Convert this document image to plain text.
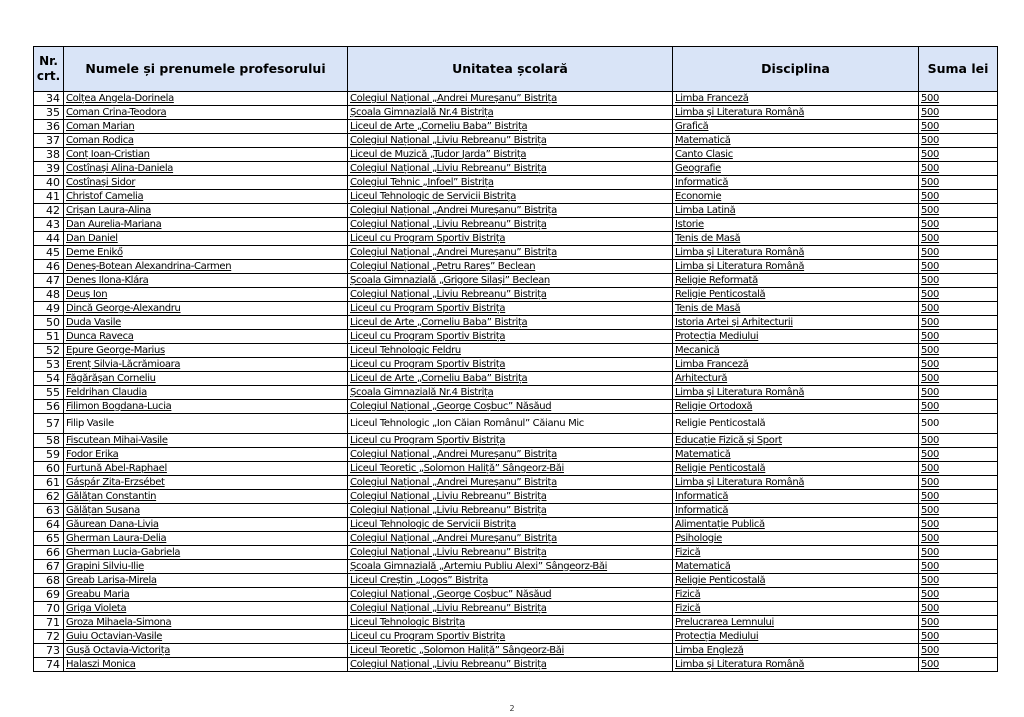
Nr. crt.	Numele și prenumele profesorului	Unitatea școlară	Disciplina	Suma lei
34	Colțea Angela-Dorinela	Colegiul Național „Andrei Mureșanu” Bistrița	Limba Franceză	500
35	Coman Crina-Teodora	Școala Gimnazială Nr.4 Bistrița	Limba și Literatura Română	500
36	Coman Marian	Liceul de Arte „Corneliu Baba” Bistrița	Grafică	500
37	Coman Rodica	Colegiul Național „Liviu Rebreanu” Bistrița	Matematică	500
38	Conț Ioan-Cristian	Liceul de Muzică „Tudor Jarda” Bistrița	Canto Clasic	500
39	Costînași Alina-Daniela	Colegiul Național „Liviu Rebreanu” Bistrița	Geografie	500
40	Costînași Sidor	Colegiul Tehnic „Infoel” Bistrița	Informatică	500
41	Christof Camelia	Liceul Tehnologic de Servicii Bistrița	Economie	500
42	Crișan Laura-Alina	Colegiul Național „Andrei Mureșanu” Bistrița	Limba Latină	500
43	Dan Aurelia-Mariana	Colegiul Național „Liviu Rebreanu” Bistrița	Istorie	500
44	Dan Daniel	Liceul cu Program Sportiv Bistrița	Tenis de Masă	500
45	Deme Enikő	Colegiul Național „Andrei Mureșanu” Bistrița	Limba și Literatura Română	500
46	Deneș-Botean Alexandrina-Carmen	Colegiul Național „Petru Rareș” Beclean	Limba și Literatura Română	500
47	Denes Ilona-Klára	Școala Gimnazială „Grigore Silași” Beclean	Religie Reformată	500
48	Deuș Ion	Colegiul Național „Liviu Rebreanu” Bistrița	Religie Penticostală	500
49	Dincă George-Alexandru	Liceul cu Program Sportiv Bistrița	Tenis de Masă	500
50	Duda Vasile	Liceul de Arte „Corneliu Baba” Bistrița	Istoria Artei și Arhitecturii	500
51	Dunca Raveca	Liceul cu Program Sportiv Bistrița	Protecția Mediului	500
52	Epure George-Marius	Liceul Tehnologic Feldru	Mecanică	500
53	Erenț Silvia-Lăcrămioara	Liceul cu Program Sportiv Bistrița	Limba Franceză	500
54	Făgărășan Corneliu	Liceul de Arte „Corneliu Baba” Bistrița	Arhitectură	500
55	Feldrihan Claudia	Școala Gimnazială Nr.4 Bistrița	Limba și Literatura Română	500
56	Filimon Bogdana-Lucia	Colegiul Național „George Coșbuc” Năsăud	Religie Ortodoxă	500
57	Filip Vasile	Liceul Tehnologic „Ion Căian Românul” Căianu Mic	Religie Penticostală	500
58	Fiscutean Mihai-Vasile	Liceul cu Program Sportiv Bistrița	Educație Fizică și Sport	500
59	Fodor Erika	Colegiul Național „Andrei Mureșanu” Bistrița	Matematică	500
60	Furtună Abel-Raphael	Liceul Teoretic „Solomon Haliță” Sângeorz-Băi	Religie Penticostală	500
61	Gáspár Zita-Erzsébet	Colegiul Național „Andrei Mureșanu” Bistrița	Limba și Literatura Română	500
62	Gălățan Constantin	Colegiul Național „Liviu Rebreanu” Bistrița	Informatică	500
63	Gălățan Susana	Colegiul Național „Liviu Rebreanu” Bistrița	Informatică	500
64	Găurean Dana-Livia	Liceul Tehnologic de Servicii Bistrița	Alimentație Publică	500
65	Gherman Laura-Delia	Colegiul Național „Andrei Mureșanu” Bistrița	Psihologie	500
66	Gherman Lucia-Gabriela	Colegiul Național „Liviu Rebreanu” Bistrița	Fizică	500
67	Grapini Silviu-Ilie	Școala Gimnazială „Artemiu Publiu Alexi” Sângeorz-Băi	Matematică	500
68	Greab Larisa-Mirela	Liceul Creștin „Logos” Bistrița	Religie Penticostală	500
69	Greabu Maria	Colegiul Național „George Coșbuc” Năsăud	Fizică	500
70	Griga Violeta	Colegiul Național „Liviu Rebreanu” Bistrița	Fizică	500
71	Groza Mihaela-Simona	Liceul Tehnologic Bistrița	Prelucrarea Lemnului	500
72	Guiu Octavian-Vasile	Liceul cu Program Sportiv Bistrița	Protecția Mediului	500
73	Gușă Octavia-Victorița	Liceul Teoretic „Solomon Haliță” Sângeorz-Băi	Limba Engleză	500
74	Halaszi Monica	Colegiul Național „Liviu Rebreanu” Bistrița	Limba și Literatura Română	500
2
